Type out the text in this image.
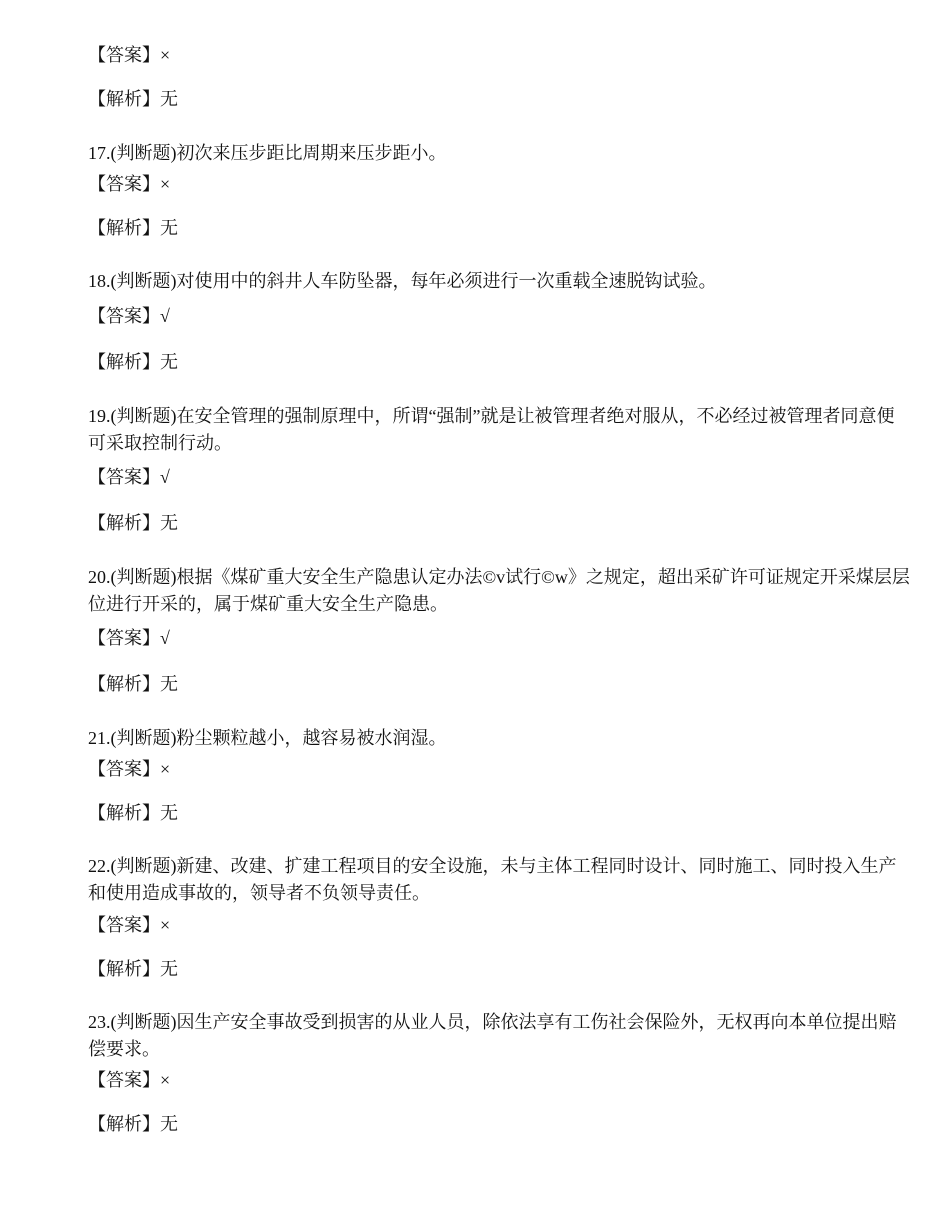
【答案】×
【解析】无
17.(判断题)初次来压步距比周期来压步距小。
【答案】×
【解析】无
18.(判断题)对使用中的斜井人车防坠器，每年必须进行一次重载全速脱钩试验。
【答案】√
【解析】无
19.(判断题)在安全管理的强制原理中，所谓“强制”就是让被管理者绝对服从，不必经过被管理者同意便可采取控制行动。
【答案】√
【解析】无
20.(判断题)根据《煤矿重大安全生产隐患认定办法©v试行©w》之规定，超出采矿许可证规定开采煤层层位进行开采的，属于煤矿重大安全生产隐患。
【答案】√
【解析】无
21.(判断题)粉尘颗粒越小，越容易被水润湿。
【答案】×
【解析】无
22.(判断题)新建、改建、扩建工程项目的安全设施，未与主体工程同时设计、同时施工、同时投入生产和使用造成事故的，领导者不负领导责任。
【答案】×
【解析】无
23.(判断题)因生产安全事故受到损害的从业人员，除依法享有工伤社会保险外，无权再向本单位提出赔偿要求。
【答案】×
【解析】无
